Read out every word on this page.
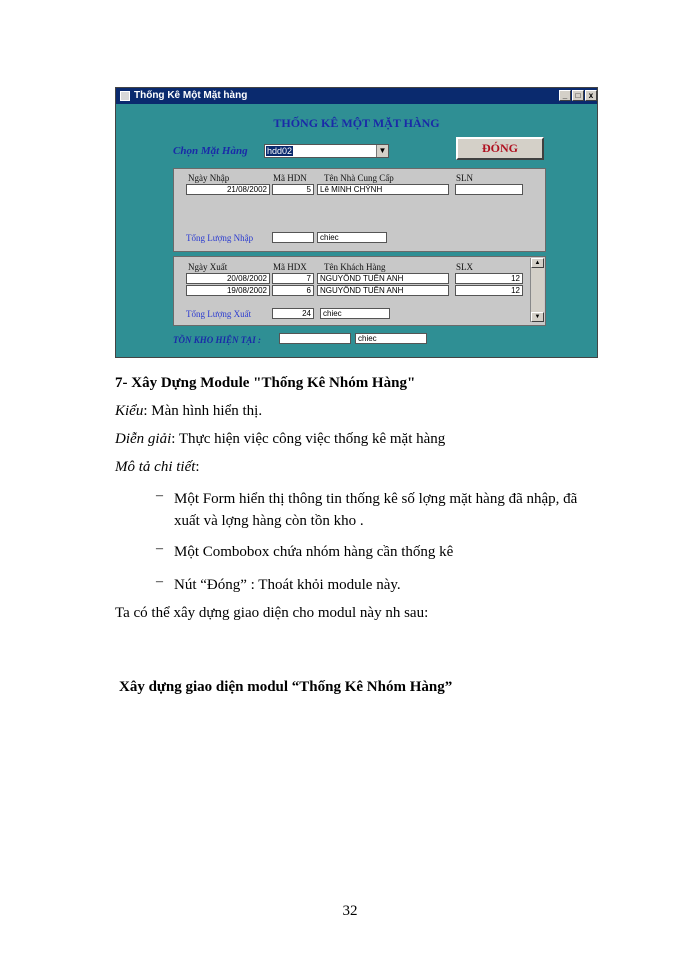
Thống Kê Một Mặt hàng	_	□	x
THỐNG KÊ MỘT MẶT HÀNG
Chọn Mặt Hàng hdd02	▼	ĐÓNG
Ngày Nhập	Mã HDN Tên Nhà Cung Cấp	SLN
21/08/2002	5	Lê MINH CHÝNH
Tổng Lượng Nhập	chiec
Ngày Xuất	Mã HDX Tên Khách Hàng	SLX
20/08/2002	7	NGUYÔND TUÊN ANH	12
19/08/2002	6	NGUYÔND TUÊN ANH	12
Tổng Lượng Xuất	24	chiec
▲
▼
TỒN KHO HIỆN TẠI :	chiec
7- Xây Dựng Module "Thống Kê Nhóm Hàng"
Kiểu: Màn hình hiển thị.
Diễn giải: Thực hiện việc công việc thống kê mặt hàng
Mô tả chi tiết:
– Một Form hiển thị thông tin thống kê số lợng mặt hàng đã nhập, đã
xuất và lợng hàng còn tồn kho .
– Một Combobox chứa nhóm hàng cần thống kê
– Nút “Đóng” : Thoát khỏi module này.
Ta có thể xây dựng giao diện cho modul này nh sau:
Xây dựng giao diện modul “Thống Kê Nhóm Hàng”
32
